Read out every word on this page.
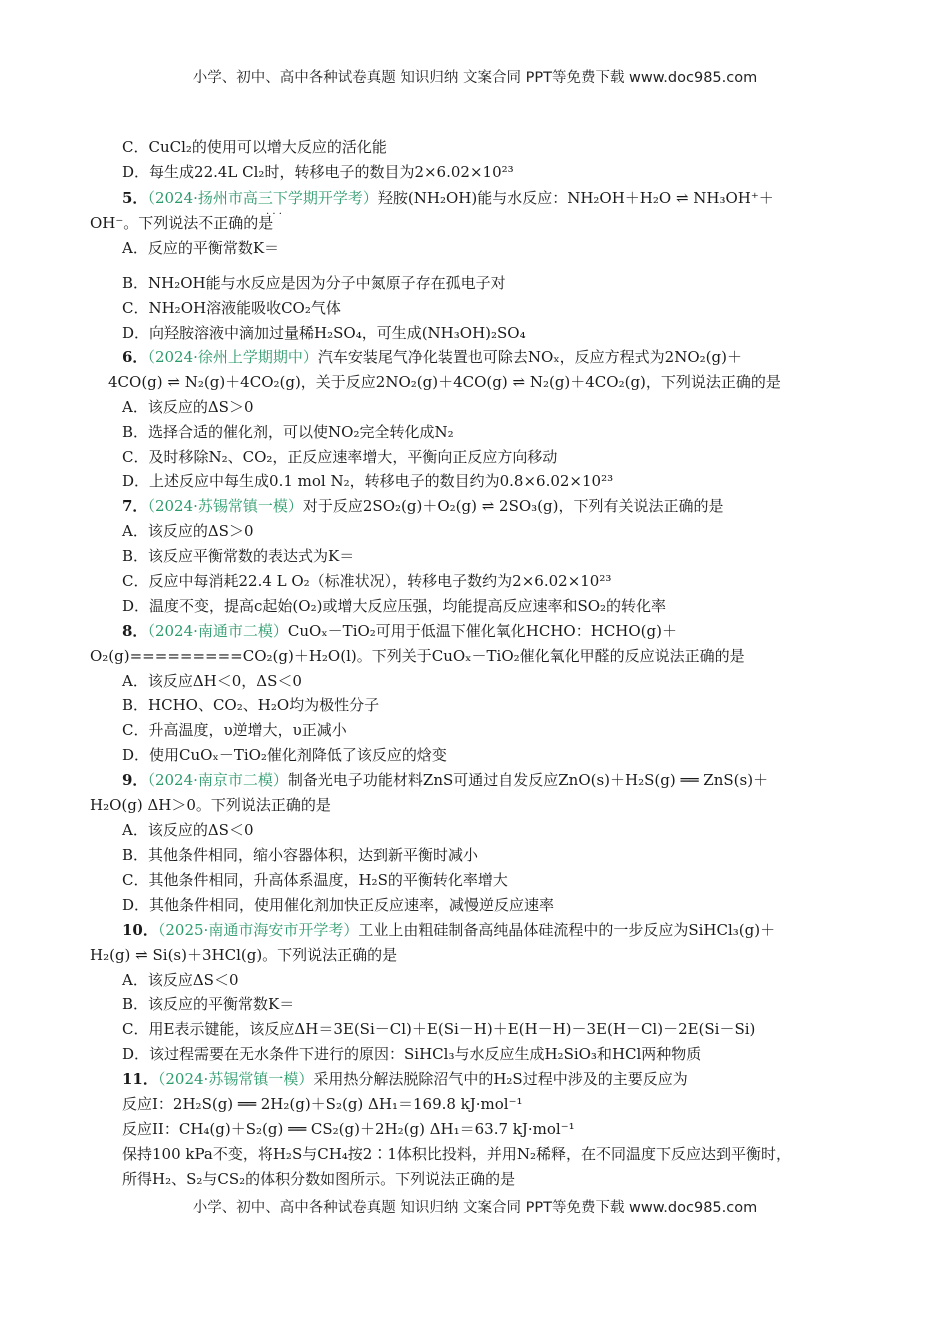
小学、初中、高中各种试卷真题 知识归纳 文案合同 PPT等免费下载 www.doc985.com
C．CuCl₂的使用可以增大反应的活化能
D．每生成22.4L Cl₂时，转移电子的数目为2×6.02×10²³
5．（2024·扬州市高三下学期开学考）羟胺(NH₂OH)能与水反应：NH₂OH＋H₂O ⇌ NH₃OH⁺＋
· · ·
OH⁻。下列说法不正确的是
A．反应的平衡常数K＝
B．NH₂OH能与水反应是因为分子中氮原子存在孤电子对
C．NH₂OH溶液能吸收CO₂气体
D．向羟胺溶液中滴加过量稀H₂SO₄，可生成(NH₃OH)₂SO₄
6．（2024·徐州上学期期中）汽车安装尾气净化装置也可除去NOₓ，反应方程式为2NO₂(g)＋
4CO(g) ⇌ N₂(g)＋4CO₂(g)，关于反应2NO₂(g)＋4CO(g) ⇌ N₂(g)＋4CO₂(g)，下列说法正确的是
A．该反应的ΔS＞0
B．选择合适的催化剂，可以使NO₂完全转化成N₂
C．及时移除N₂、CO₂，正反应速率增大，平衡向正反应方向移动
D．上述反应中每生成0.1 mol N₂，转移电子的数目约为0.8×6.02×10²³
7．（2024·苏锡常镇一模）对于反应2SO₂(g)＋O₂(g) ⇌ 2SO₃(g)，下列有关说法正确的是
A．该反应的ΔS＞0
B．该反应平衡常数的表达式为K＝
C．反应中每消耗22.4 L O₂（标准状况），转移电子数约为2×6.02×10²³
D．温度不变，提高c起始(O₂)或增大反应压强，均能提高反应速率和SO₂的转化率
8．（2024·南通市二模）CuOₓ－TiO₂可用于低温下催化氧化HCHO：HCHO(g)＋
O₂(g)=========CO₂(g)＋H₂O(l)。下列关于CuOₓ－TiO₂催化氧化甲醛的反应说法正确的是
A．该反应ΔH＜0，ΔS＜0
B．HCHO、CO₂、H₂O均为极性分子
C．升高温度，υ逆增大，υ正减小
D．使用CuOₓ－TiO₂催化剂降低了该反应的焓变
9．（2024·南京市二模）制备光电子功能材料ZnS可通过自发反应ZnO(s)＋H₂S(g) ══ ZnS(s)＋
H₂O(g) ΔH＞0。下列说法正确的是
A．该反应的ΔS＜0
B．其他条件相同，缩小容器体积，达到新平衡时减小
C．其他条件相同，升高体系温度，H₂S的平衡转化率增大
D．其他条件相同，使用催化剂加快正反应速率，减慢逆反应速率
10．（2025·南通市海安市开学考）工业上由粗硅制备高纯晶体硅流程中的一步反应为SiHCl₃(g)＋
H₂(g) ⇌ Si(s)＋3HCl(g)。下列说法正确的是
A．该反应ΔS＜0
B．该反应的平衡常数K＝
C．用E表示键能，该反应ΔH＝3E(Si－Cl)＋E(Si－H)＋E(H－H)－3E(H－Cl)－2E(Si－Si)
D．该过程需要在无水条件下进行的原因：SiHCl₃与水反应生成H₂SiO₃和HCl两种物质
11．（2024·苏锡常镇一模）采用热分解法脱除沼气中的H₂S过程中涉及的主要反应为
反应I：2H₂S(g) ══ 2H₂(g)＋S₂(g) ΔH₁＝169.8 kJ·mol⁻¹
反应II：CH₄(g)＋S₂(g) ══ CS₂(g)＋2H₂(g) ΔH₁＝63.7 kJ·mol⁻¹
保持100 kPa不变，将H₂S与CH₄按2∶1体积比投料，并用N₂稀释，在不同温度下反应达到平衡时，
所得H₂、S₂与CS₂的体积分数如图所示。下列说法正确的是
小学、初中、高中各种试卷真题 知识归纳 文案合同 PPT等免费下载 www.doc985.com
